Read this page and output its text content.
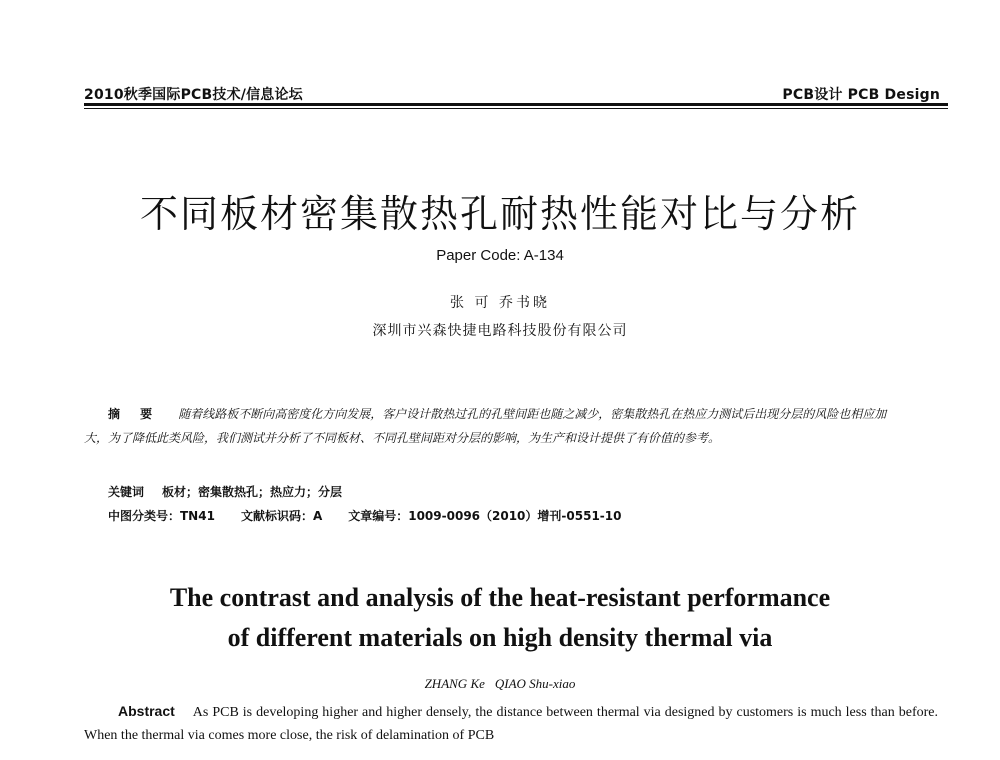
2010秋季国际PCB技术/信息论坛	PCB设计 PCB Design
不同板材密集散热孔耐热性能对比与分析
Paper Code: A-134
张 可 乔书晓
深圳市兴森快捷电路科技股份有限公司
摘 要 随着线路板不断向高密度化方向发展，客户设计散热过孔的孔壁间距也随之减少，密集散热孔在热应力测试后出现分层的风险也相应加大，为了降低此类风险，我们测试并分析了不同板材、不同孔壁间距对分层的影响，为生产和设计提供了有价值的参考。
关键词 板材；密集散热孔；热应力；分层
中图分类号：TN41 文献标识码：A 文章编号：1009-0096（2010）增刊-0551-10
The contrast and analysis of the heat-resistant performance
of different materials on high density thermal via
ZHANG Ke QIAO Shu-xiao
Abstract As PCB is developing higher and higher densely, the distance between thermal via designed by customers is much less than before. When the thermal via comes more close, the risk of delamination of PCB
